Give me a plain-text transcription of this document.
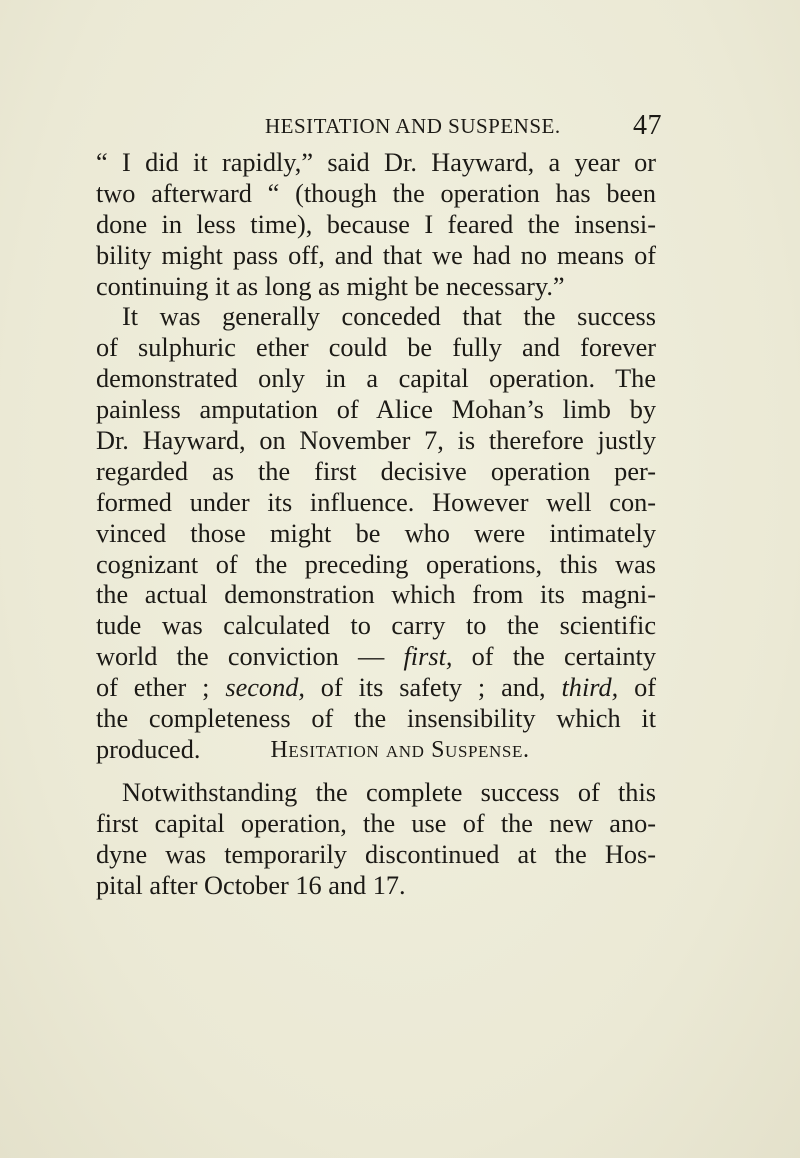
HESITATION AND SUSPENSE.	47
“ I did it rapidly,” said Dr. Hayward, a year or
two afterward “ (though the operation has been
done in less time), because I feared the insensi-
bility might pass off, and that we had no means of
continuing it as long as might be necessary.”
It was generally conceded that the success
of sulphuric ether could be fully and forever
demonstrated only in a capital operation. The
painless amputation of Alice Mohan’s limb by
Dr. Hayward, on November 7, is therefore justly
regarded as the first decisive operation per-
formed under its influence. However well con-
vinced those might be who were intimately
cognizant of the preceding operations, this was
the actual demonstration which from its magni-
tude was calculated to carry to the scientific
world the conviction — first, of the certainty
of ether ; second, of its safety ; and, third, of
the completeness of the insensibility which it
produced.	Hesitation and Suspense.
Notwithstanding the complete success of this
first capital operation, the use of the new ano-
dyne was temporarily discontinued at the Hos-
pital after October 16 and 17.
